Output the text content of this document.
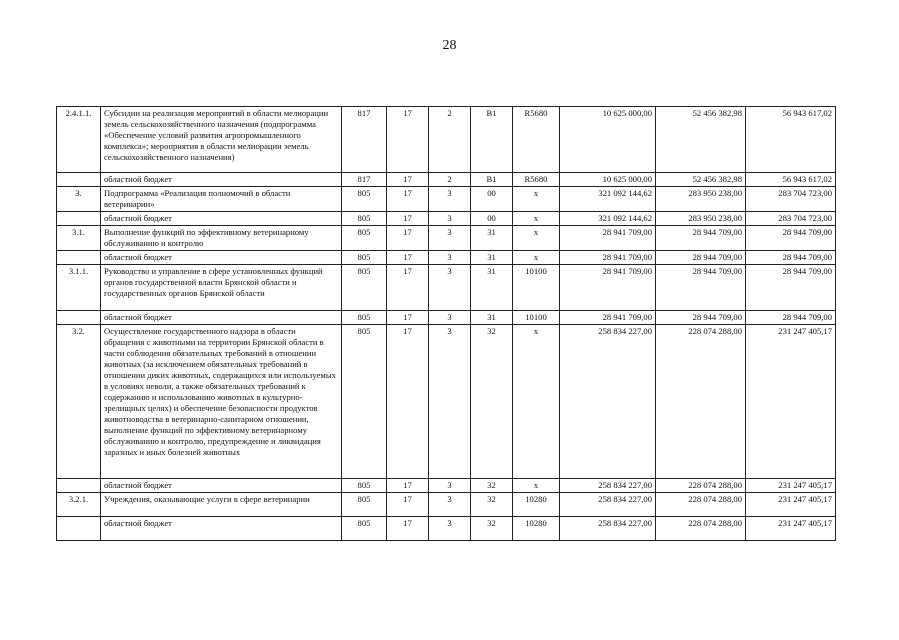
28
2.4.1.1.	Субсидии на реализация мероприятий в области мелиорации земель сельскохозяйственного назначения (подпрограмма «Обеспечение условий развития агропромышленного комплекса»; мероприятия в области мелиорации земель сельскохозяйственного назначения)	817	17	2	В1	R5680	10 625 000,00	52 456 382,98	56 943 617,02
	областной бюджет	817	17	2	В1	R5680	10 625 000,00	52 456 382,98	56 943 617,02
3.	Подпрограмма «Реализация полномочий в области ветеринарии»	805	17	3	00	х	321 092 144,62	283 950 238,00	283 704 723,00
	областной бюджет	805	17	3	00	х	321 092 144,62	283 950 238,00	283 704 723,00
3.1.	Выполнение функций по эффективному ветеринарному обслуживанию и контролю	805	17	3	31	х	28 941 709,00	28 944 709,00	28 944 709,00
	областной бюджет	805	17	3	31	х	28 941 709,00	28 944 709,00	28 944 709,00
3.1.1.	Руководство и управление в сфере установленных функций органов государственной власти Брянской области и государственных органов Брянской области	805	17	3	31	10100	28 941 709,00	28 944 709,00	28 944 709,00
	областной бюджет	805	17	3	31	10100	28 941 709,00	28 944 709,00	28 944 709,00
3.2.	Осуществление государственного надзора в области обращения с животными на территории Брянской области в части соблюдения обязательных требований в отношении животных (за исключением обязательных требований в отношении диких животных, содержащихся или используемых в условиях неволи, а также обязательных требований к содержанию и использованию животных в культурно-зрелищных целях) и обеспечение безопасности продуктов животноводства в ветеринарно-санитарном отношении, выполнение функций по эффективному ветеринарному обслуживанию и контролю, предупреждение и ликвидация заразных и иных болезней животных	805	17	3	32	х	258 834 227,00	228 074 288,00	231 247 405,17
	областной бюджет	805	17	3	32	х	258 834 227,00	228 074 288,00	231 247 405,17
3.2.1.	Учреждения, оказывающие услуги в сфере ветеринарии	805	17	3	32	10280	258 834 227,00	228 074 288,00	231 247 405,17
	областной бюджет	805	17	3	32	10280	258 834 227,00	228 074 288,00	231 247 405,17
`
